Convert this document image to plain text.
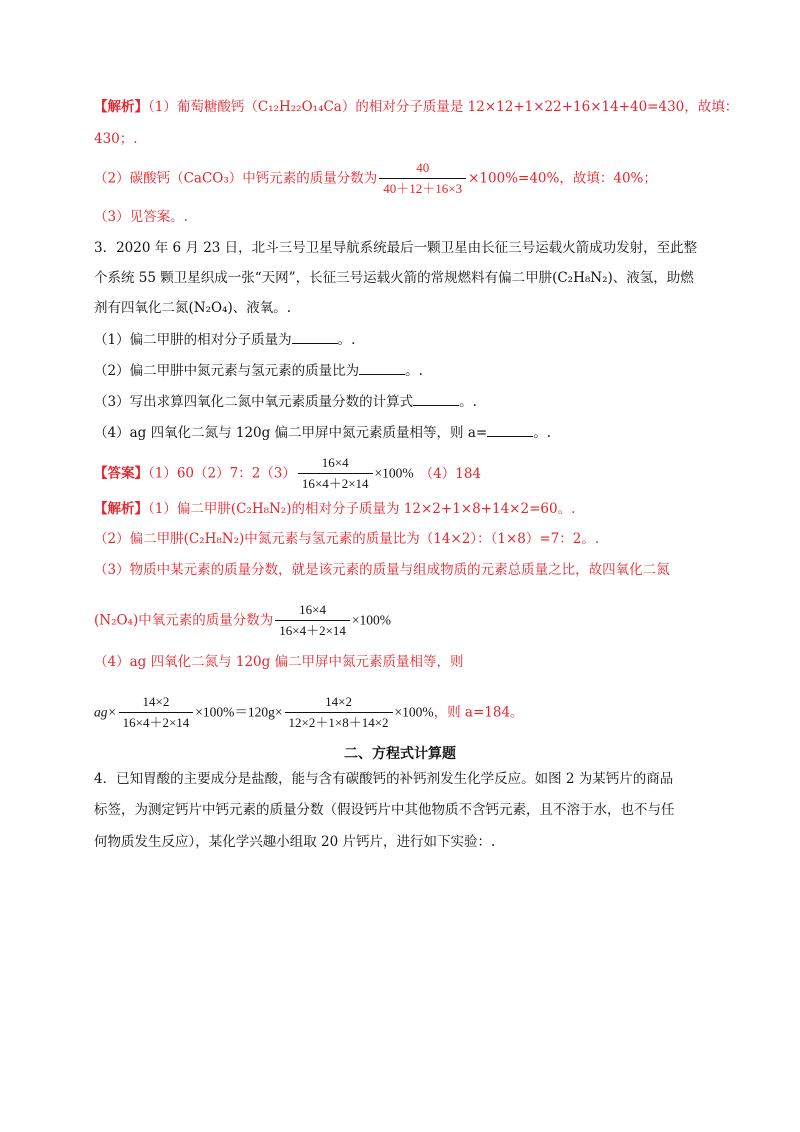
【解析】（1）葡萄糖酸钙（C₁₂H₂₂O₁₄Ca）的相对分子质量是 12×12+1×22+16×14+40=430，故填：
430；.
（2）碳酸钙（CaCO₃）中钙元素的质量分数为 $\frac{40}{40+12+16\times 3} \times 100\%=40\%$，故填：40%；
（3）见答案。.
3．2020 年 6 月 23 日，北斗三号卫星导航系统最后一颗卫星由长征三号运载火箭成功发射，至此整
个系统 55 颗卫星织成一张“天网”，长征三号运载火箭的常规燃料有偏二甲肼(C₂H₈N₂)、液氢，助燃
剂有四氧化二氮(N₂O₄)、液氧。.
（1）偏二甲肼的相对分子质量为	。.
（2）偏二甲肼中氮元素与氢元素的质量比为	。.
（3）写出求算四氧化二氮中氧元素质量分数的计算式	。.
（4）ag 四氧化二氮与 120g 偏二甲屏中氮元素质量相等，则 a=	。.
【答案】（1）60（2）7：$2(3) \frac{16\times 4}{16\times 4+2\times 14} \times 100\%$ （4）184
【解析】（1）偏二甲肼(C₂H₈N₂)的相对分子质量为 12×2+1×8+14×2=60。.
（2）偏二甲肼(C₂H₈N₂)中氮元素与氢元素的质量比为（14×2）：（1×8）=7：2。.
（3）物质中某元素的质量分数，就是该元素的质量与组成物质的元素总质量之比，故四氧化二氮
(N₂O₄)中氧元素的质量分数为 $\frac{16\times 4}{16\times 4+2\times 14} \times 100\%$
（4）ag 四氧化二氮与 120g 偏二甲屏中氮元素质量相等，则
$ag\times \frac{14\times 2}{16\times 4+2\times 14} \times 100\%=120g\times \frac{14\times 2}{12\times 2+1\times 8+14\times 2} \times 100\%$，则 a=184。
二、方程式计算题
4．已知胃酸的主要成分是盐酸，能与含有碳酸钙的补钙剂发生化学反应。如图 2 为某钙片的商品
标签，为测定钙片中钙元素的质量分数（假设钙片中其他物质不含钙元素，且不溶于水，也不与任
何物质发生反应），某化学兴趣小组取 20 片钙片，进行如下实验：.
